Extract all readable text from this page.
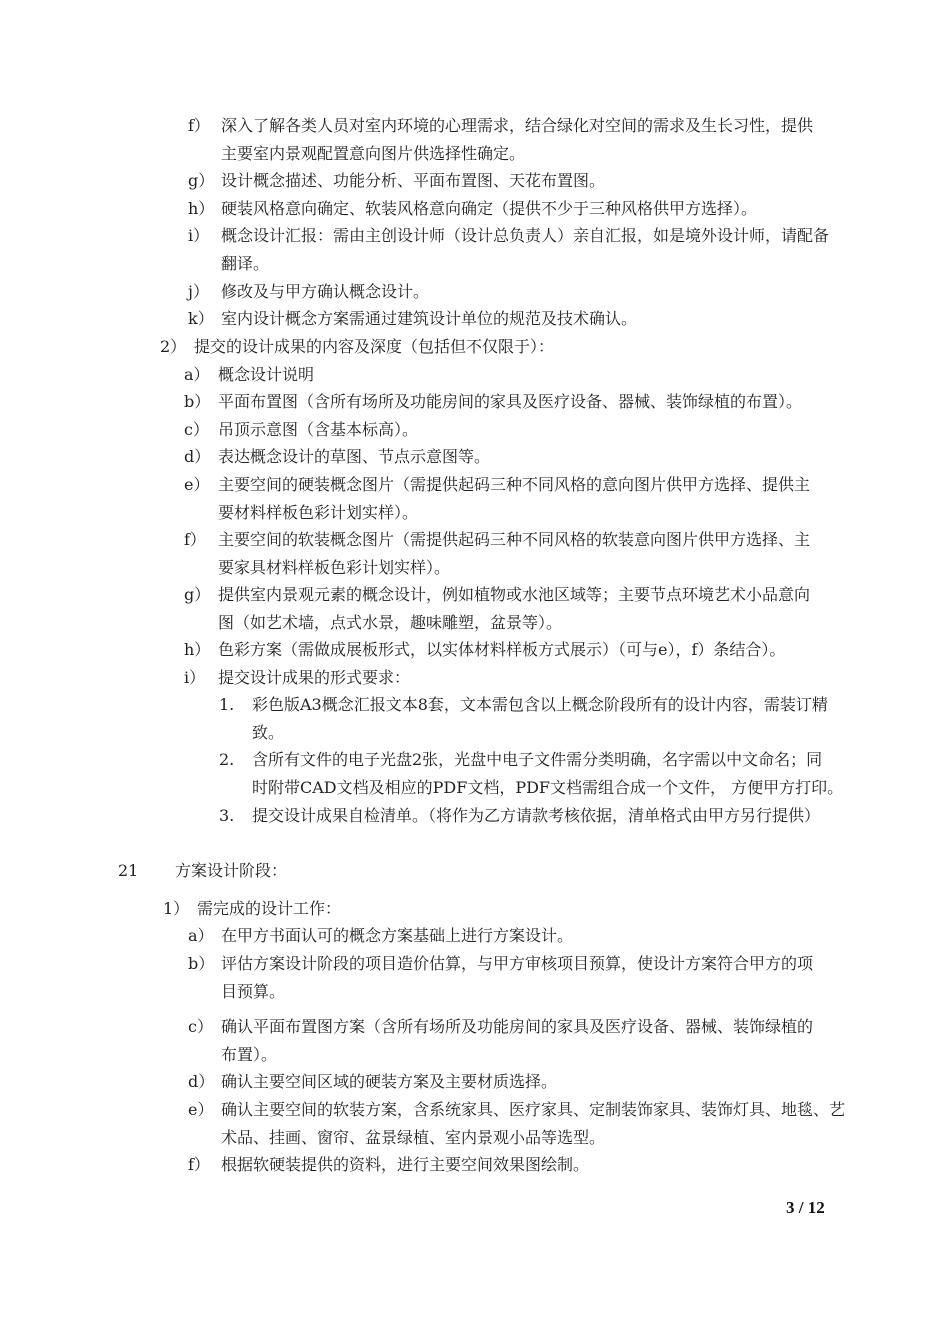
f） 深入了解各类人员对室内环境的心理需求，结合绿化对空间的需求及生长习性，提供
主要室内景观配置意向图片供选择性确定。
g） 设计概念描述、功能分析、平面布置图、天花布置图。
h） 硬装风格意向确定、软装风格意向确定（提供不少于三种风格供甲方选择）。
i） 概念设计汇报：需由主创设计师（设计总负责人）亲自汇报，如是境外设计师，请配备
翻译。
j） 修改及与甲方确认概念设计。
k） 室内设计概念方案需通过建筑设计单位的规范及技术确认。
2） 提交的设计成果的内容及深度（包括但不仅限于）：
a） 概念设计说明
b） 平面布置图（含所有场所及功能房间的家具及医疗设备、器械、装饰绿植的布置）。
c） 吊顶示意图（含基本标高）。
d） 表达概念设计的草图、节点示意图等。
e） 主要空间的硬装概念图片（需提供起码三种不同风格的意向图片供甲方选择、提供主
要材料样板色彩计划实样）。
f） 主要空间的软装概念图片（需提供起码三种不同风格的软装意向图片供甲方选择、主
要家具材料样板色彩计划实样）。
g） 提供室内景观元素的概念设计，例如植物或水池区域等；主要节点环境艺术小品意向
图（如艺术墙，点式水景，趣味雕塑，盆景等）。
h） 色彩方案（需做成展板形式，以实体材料样板方式展示）（可与e），f）条结合）。
i） 提交设计成果的形式要求：
1. 彩色版A3概念汇报文本8套，文本需包含以上概念阶段所有的设计内容，需装订精
致。
2. 含所有文件的电子光盘2张，光盘中电子文件需分类明确，名字需以中文命名；同
时附带CAD文档及相应的PDF文档，PDF文档需组合成一个文件， 方便甲方打印。
3. 提交设计成果自检清单。（将作为乙方请款考核依据，清单格式由甲方另行提供）
21 方案设计阶段：
1） 需完成的设计工作：
a） 在甲方书面认可的概念方案基础上进行方案设计。
b） 评估方案设计阶段的项目造价估算，与甲方审核项目预算，使设计方案符合甲方的项
目预算。
c） 确认平面布置图方案（含所有场所及功能房间的家具及医疗设备、器械、装饰绿植的
布置）。
d） 确认主要空间区域的硬装方案及主要材质选择。
e） 确认主要空间的软装方案，含系统家具、医疗家具、定制装饰家具、装饰灯具、地毯、艺
术品、挂画、窗帘、盆景绿植、室内景观小品等选型。
f） 根据软硬装提供的资料，进行主要空间效果图绘制。
3 / 12
